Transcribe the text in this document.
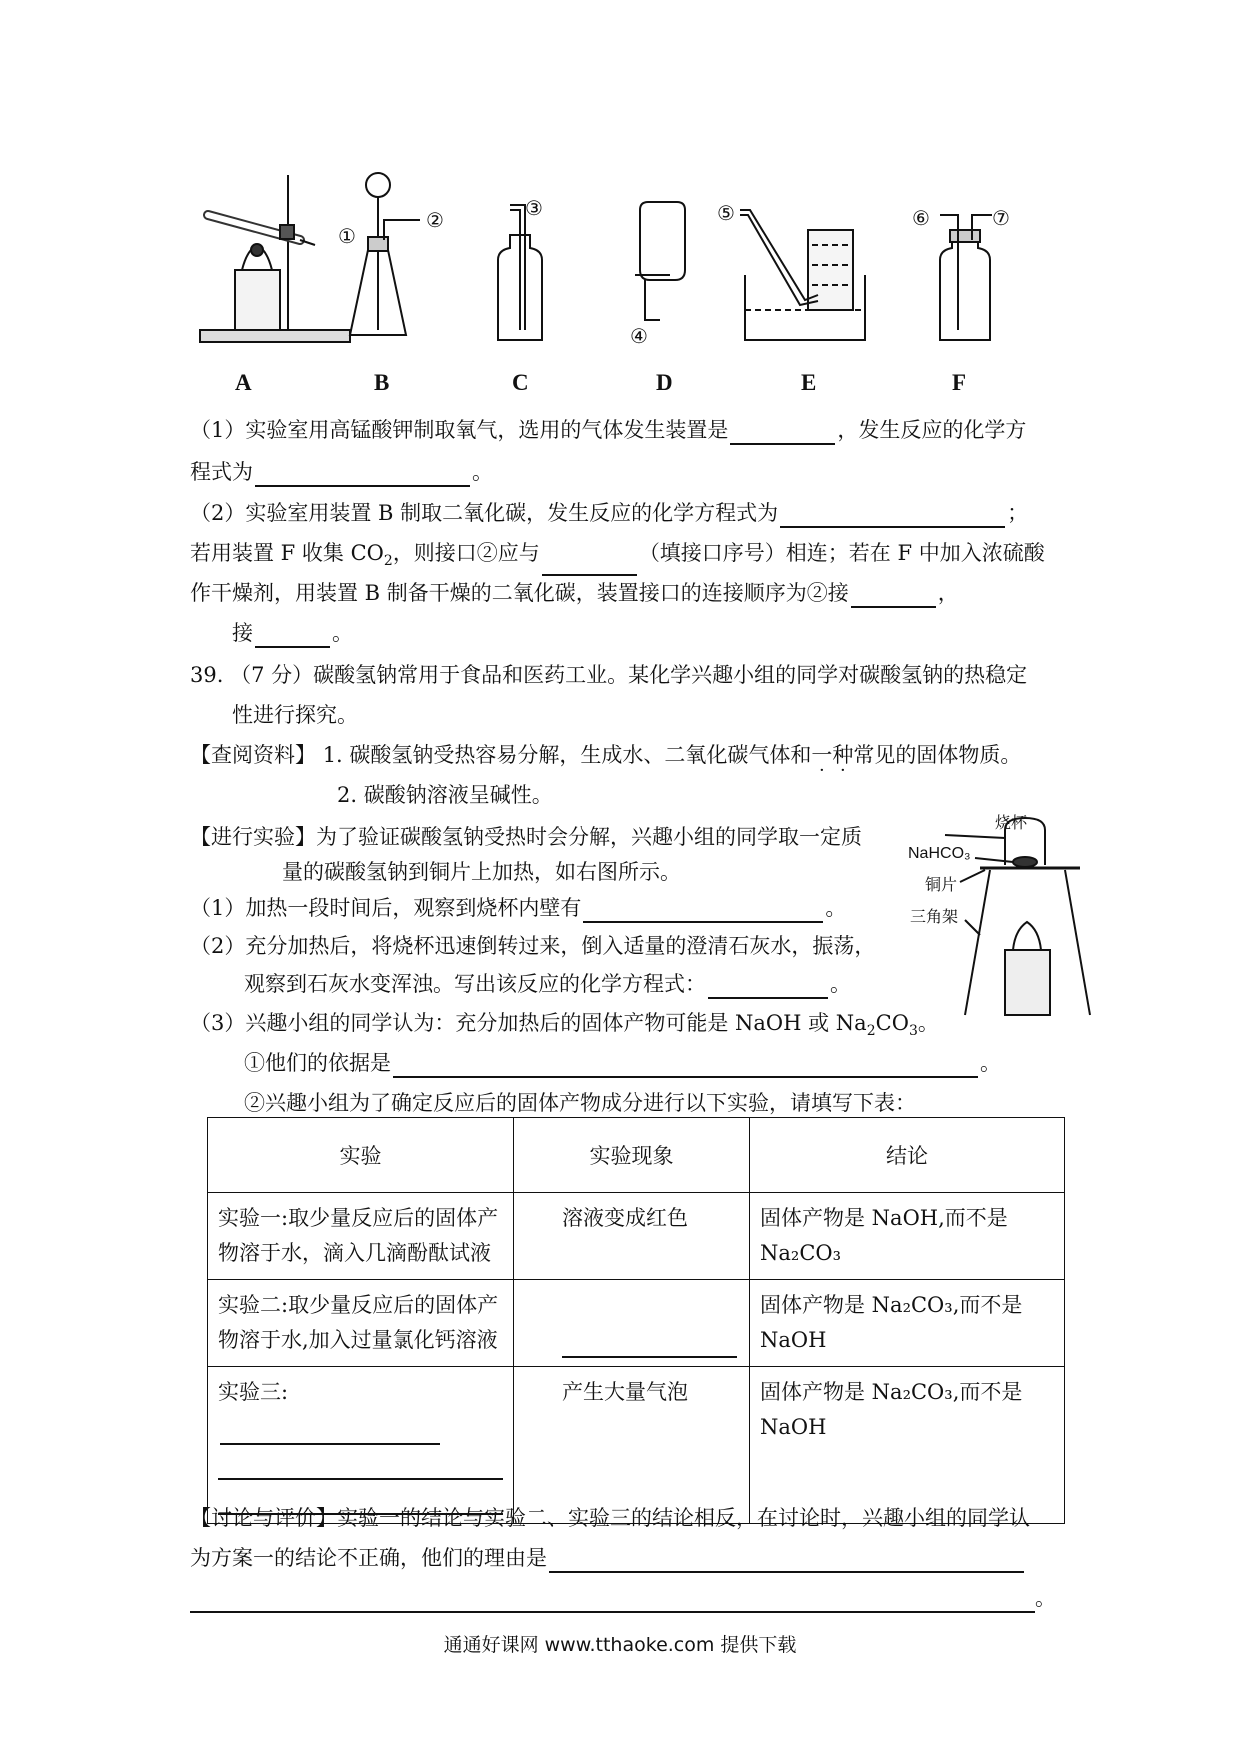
A	B	C	D	E	F
①
②	③
④
⑤	⑥	⑦
（1）实验室用高锰酸钾制取氧气，选用的气体发生装置是	，发生反应的化学方
程式为	。
（2）实验室用装置 B 制取二氧化碳，发生反应的化学方程式为	；
若用装置 F 收集 $CO_2$，则接口②应与	（填接口序号）相连；若在 F 中加入浓硫酸
作干燥剂，用装置 B 制备干燥的二氧化碳，装置接口的连接顺序为②接	，
接	。
39. （7 分）碳酸氢钠常用于食品和医药工业。某化学兴趣小组的同学对碳酸氢钠的热稳定
性进行探究。
【查阅资料】 1. 碳酸氢钠受热容易分解，生成水、二氧化碳气体和一种常见的固体物质。
2. 碳酸钠溶液呈碱性。
【进行实验】为了验证碳酸氢钠受热时会分解，兴趣小组的同学取一定质
量的碳酸氢钠到铜片上加热，如右图所示。
（1）加热一段时间后，观察到烧杯内壁有	。
（2）充分加热后，将烧杯迅速倒转过来，倒入适量的澄清石灰水，振荡，
观察到石灰水变浑浊。写出该反应的化学方程式：	。
（3）兴趣小组的同学认为：充分加热后的固体产物可能是 NaOH 或 $Na_2CO_3$。
①他们的依据是	。
②兴趣小组为了确定反应后的固体产物成分进行以下实验，请填写下表：
烧杯
NaHCO₃
铜片
三角架
实验	实验现象	结论
实验一:取少量反应后的固体产物溶于水，滴入几滴酚酞试液	溶液变成红色	固体产物是 NaOH,而不是
Na₂CO₃

实验二:取少量反应后的固体产物溶于水,加入过量氯化钙溶液		固体产物是 Na₂CO₃,而不是
NaOH

实验三:	产生大量气泡	固体产物是 Na₂CO₃,而不是
NaOH
【讨论与评价】实验一的结论与实验二、实验三的结论相反，在讨论时，兴趣小组的同学认
为方案一的结论不正确，他们的理由是
。
通通好课网 www.tthaoke.com 提供下载
